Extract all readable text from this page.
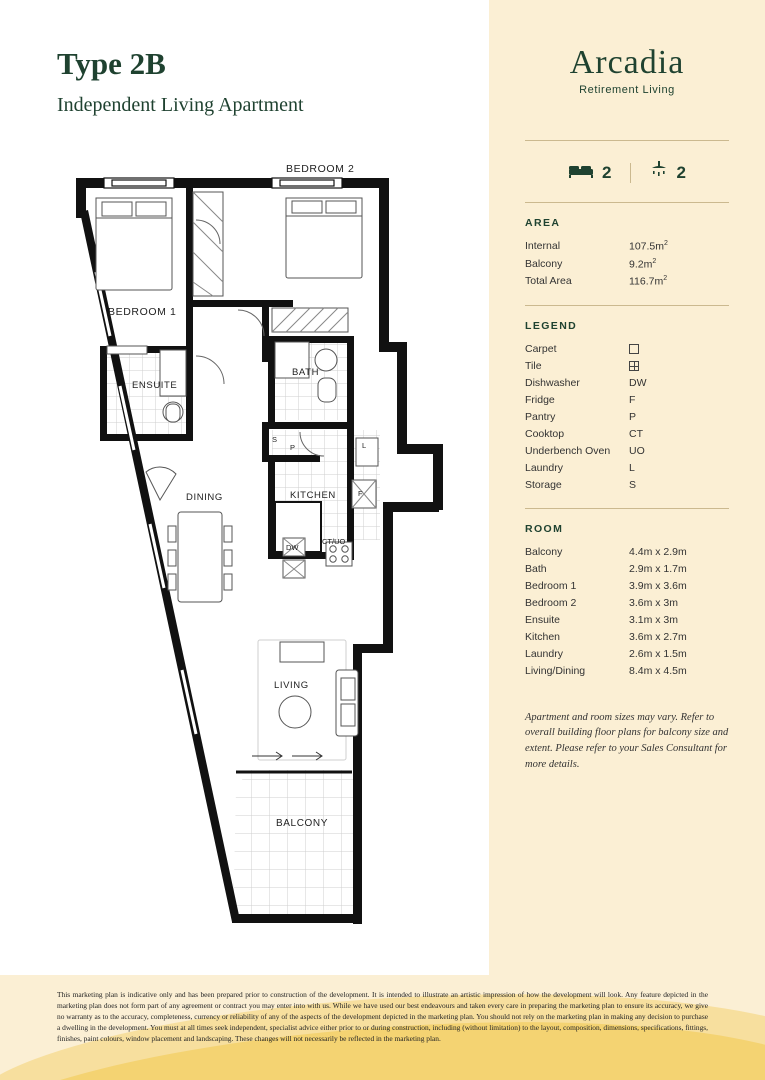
Type 2B
Independent Living Apartment
BEDROOM 1
BEDROOM 2
ENSUITE
BATH
DINING	KITCHEN
LIVING
BALCONY
DW
CT/UO
F
L
P
S
Arcadia
Retirement Living
2	2
AREA
Internal	$107.5m^2$
Balcony	$9.2m^2$
Total Area	$116.7m^2$
LEGEND
Carpet
Tile
Dishwasher	DW
Fridge	F
Pantry	P
Cooktop	CT
Underbench Oven	UO
Laundry	L
Storage	S
ROOM
Balcony	4.4m x 2.9m
Bath	2.9m x 1.7m
Bedroom 1	3.9m x 3.6m
Bedroom 2	3.6m x 3m
Ensuite	3.1m x 3m
Kitchen	3.6m x 2.7m
Laundry	2.6m x 1.5m
Living/Dining	8.4m x 4.5m
Apartment and room sizes may vary. Refer to overall building floor plans for balcony size and extent. Please refer to your Sales Consultant for more details.
This marketing plan is indicative only and has been prepared prior to construction of the development. It is intended to illustrate an artistic impression of how the development will look. Any feature depicted in the marketing plan does not form part of any agreement or contract you may enter into with us. While we have used our best endeavours and taken every care in preparing the marketing plan to ensure its accuracy, we give no warranty as to the accuracy, completeness, currency or reliability of any of the aspects of the development depicted in the marketing plan. You should not rely on the marketing plan in making any decision to purchase a dwelling in the development. You must at all times seek independent, specialist advice either prior to or during construction, including (without limitation) to the layout, composition, dimensions, specifications, fittings, finishes, paint colours, window placement and landscaping. These changes will not necessarily be reflected in the marketing plan.
